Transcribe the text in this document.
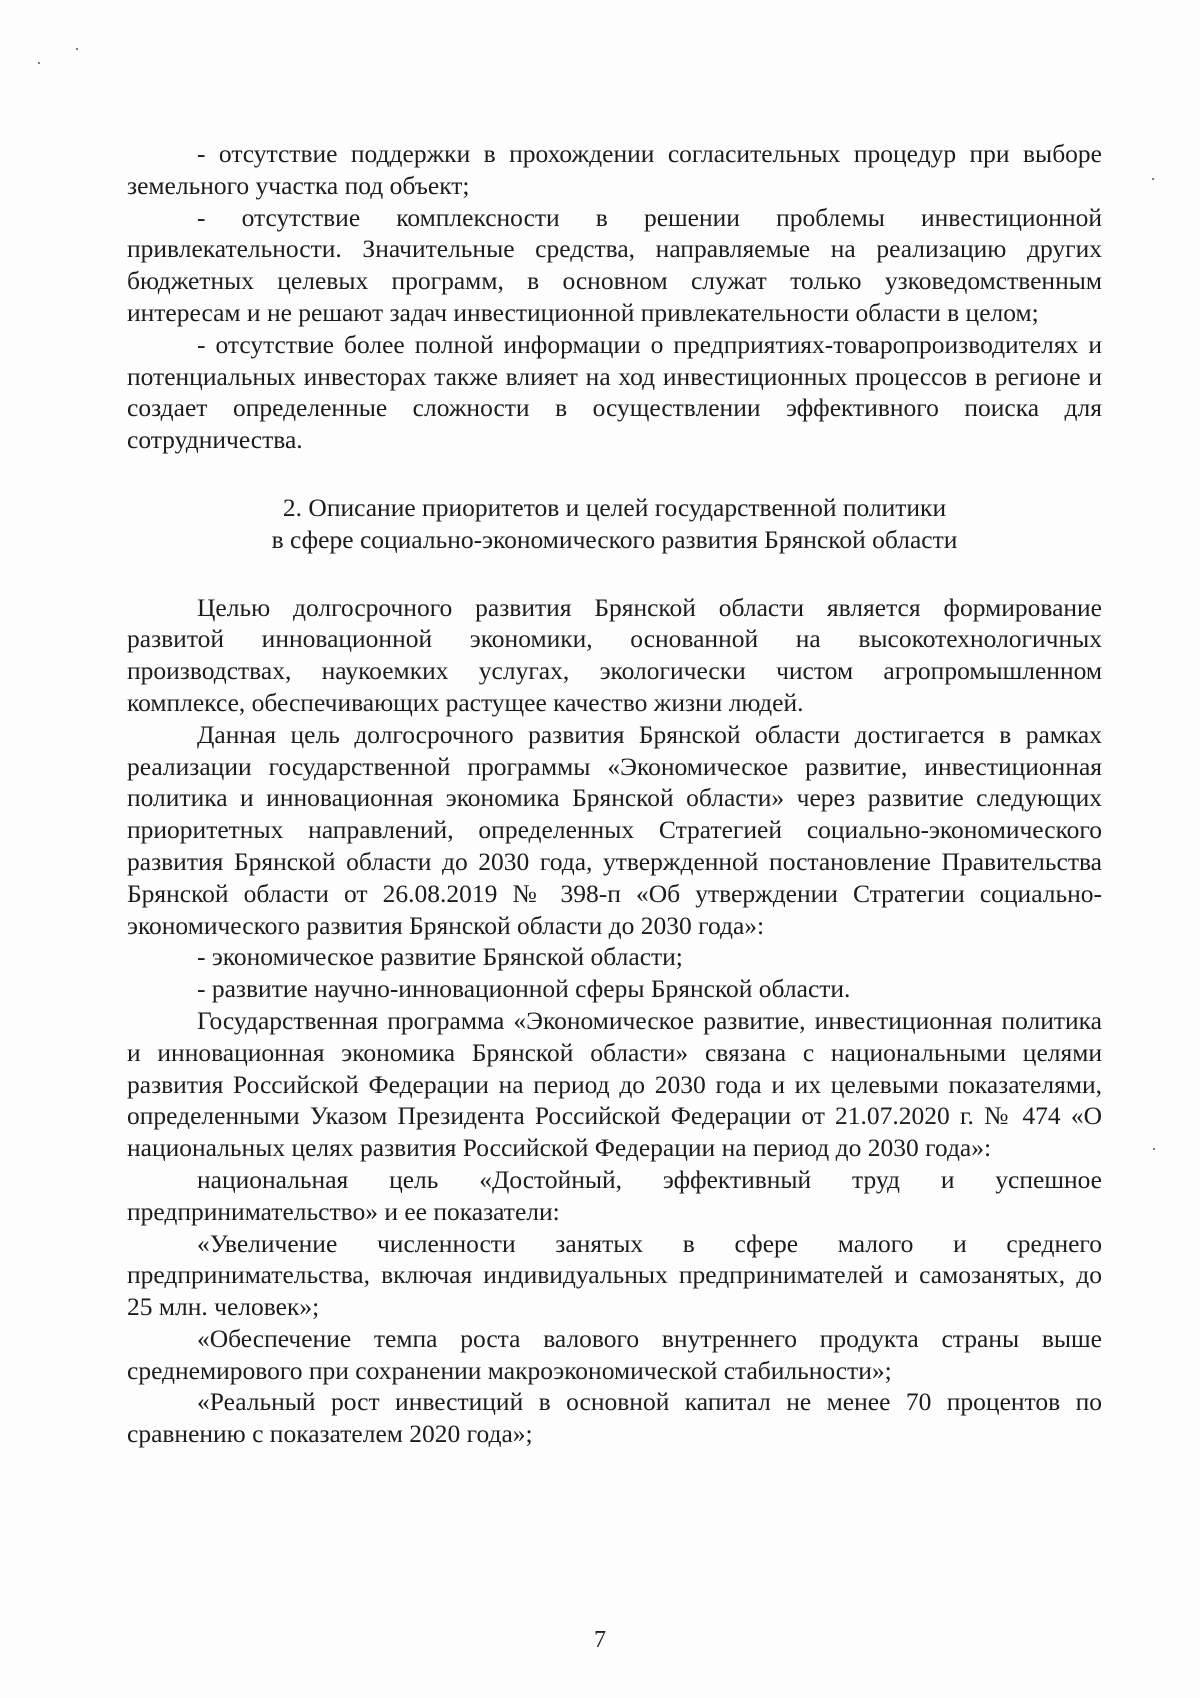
- отсутствие поддержки в прохождении согласительных процедур при выборе земельного участка под объект;

- отсутствие комплексности в решении проблемы инвестиционной привлекательности. Значительные средства, направляемые на реализацию других бюджетных целевых программ, в основном служат только узковедомственным интересам и не решают задач инвестиционной привлекательности области в целом;

- отсутствие более полной информации о предприятиях-товаропроизводителях и потенциальных инвесторах также влияет на ход инвестиционных процессов в регионе и создает определенные сложности в осуществлении эффективного поиска для сотрудничества.

2. Описание приоритетов и целей государственной политики
в сфере социально-экономического развития Брянской области

Целью долгосрочного развития Брянской области является формирование развитой инновационной экономики, основанной на высокотехнологичных производствах, наукоемких услугах, экологически чистом агропромышленном комплексе, обеспечивающих растущее качество жизни людей.

Данная цель долгосрочного развития Брянской области достигается в рамках реализации государственной программы «Экономическое развитие, инвестиционная политика и инновационная экономика Брянской области» через развитие следующих приоритетных направлений, определенных Стратегией социально-экономического развития Брянской области до 2030 года, утвержденной постановление Правительства Брянской области от 26.08.2019 № 398-п «Об утверждении Стратегии социально-экономического развития Брянской области до 2030 года»:

- экономическое развитие Брянской области;

- развитие научно-инновационной сферы Брянской области.

Государственная программа «Экономическое развитие, инвестиционная политика и инновационная экономика Брянской области» связана с национальными целями развития Российской Федерации на период до 2030 года и их целевыми показателями, определенными Указом Президента Российской Федерации от 21.07.2020 г. № 474 «О национальных целях развития Российской Федерации на период до 2030 года»:

национальная цель «Достойный, эффективный труд и успешное предпринимательство» и ее показатели:

«Увеличение численности занятых в сфере малого и среднего предпринимательства, включая индивидуальных предпринимателей и самозанятых, до 25 млн. человек»;

«Обеспечение темпа роста валового внутреннего продукта страны выше среднемирового при сохранении макроэкономической стабильности»;

«Реальный рост инвестиций в основной капитал не менее 70 процентов по сравнению с показателем 2020 года»;

7
